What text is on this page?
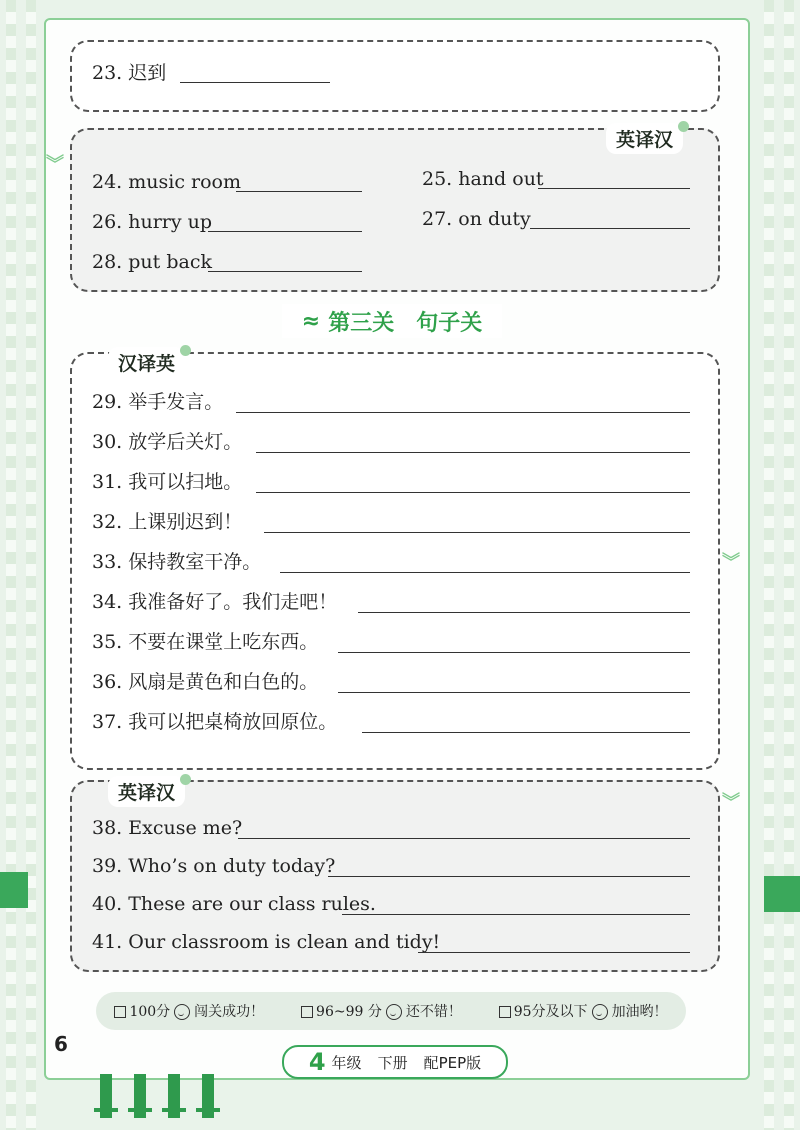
︾
︾
︾
23. 迟到
24. music room	25. hand out
26. hurry up	27. on duty
28. put back
英译汉
≈ 第三关 句子关
29. 举手发言。
30. 放学后关灯。
31. 我可以扫地。
32. 上课别迟到！
33. 保持教室干净。
34. 我准备好了。我们走吧！
35. 不要在课堂上吃东西。
36. 风扇是黄色和白色的。
37. 我可以把桌椅放回原位。
汉译英
38. Excuse me?
39. Who’s on duty today?
40. These are our class rules.
41. Our classroom is clean and tidy!
英译汉
100分 闯关成功！	96~99 分 还不错！	95分及以下 加油哟！
6
4 年级 下册 配PEP版
